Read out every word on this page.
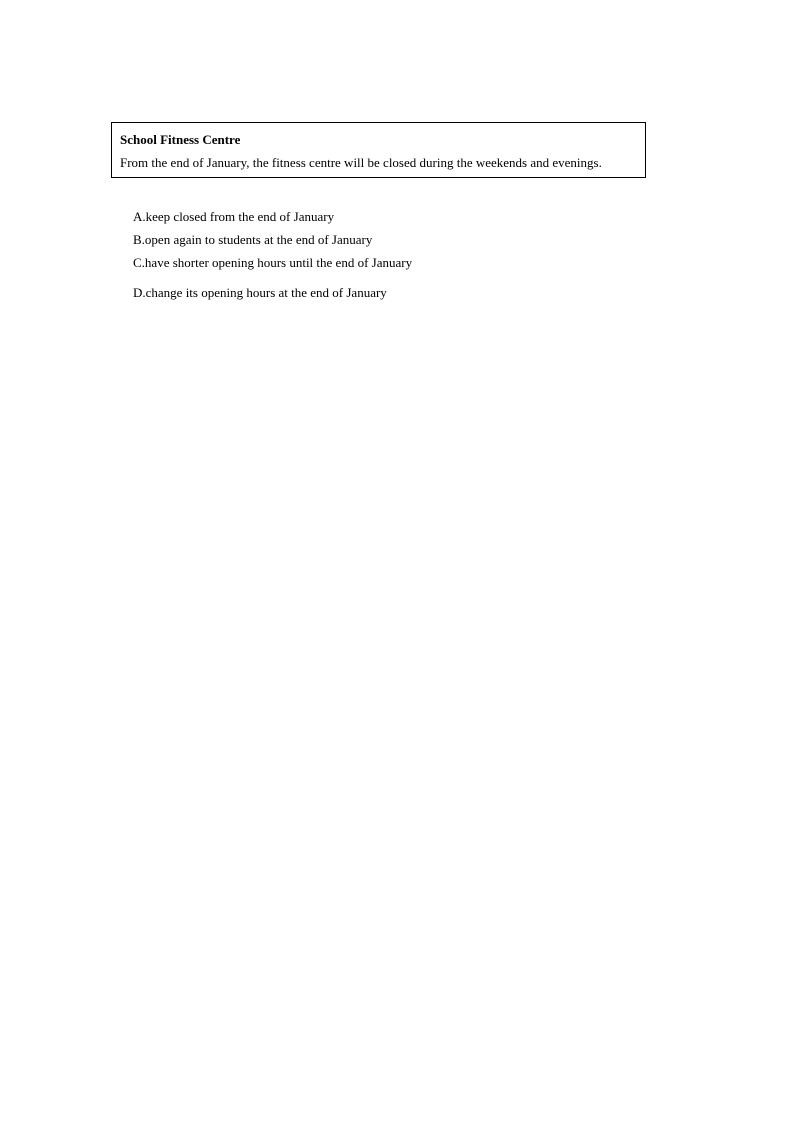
School Fitness Centre

From the end of January, the fitness centre will be closed during the weekends and evenings.

A.keep closed from the end of January
B.open again to students at the end of January
C.have shorter opening hours until the end of January
D.change its opening hours at the end of January
